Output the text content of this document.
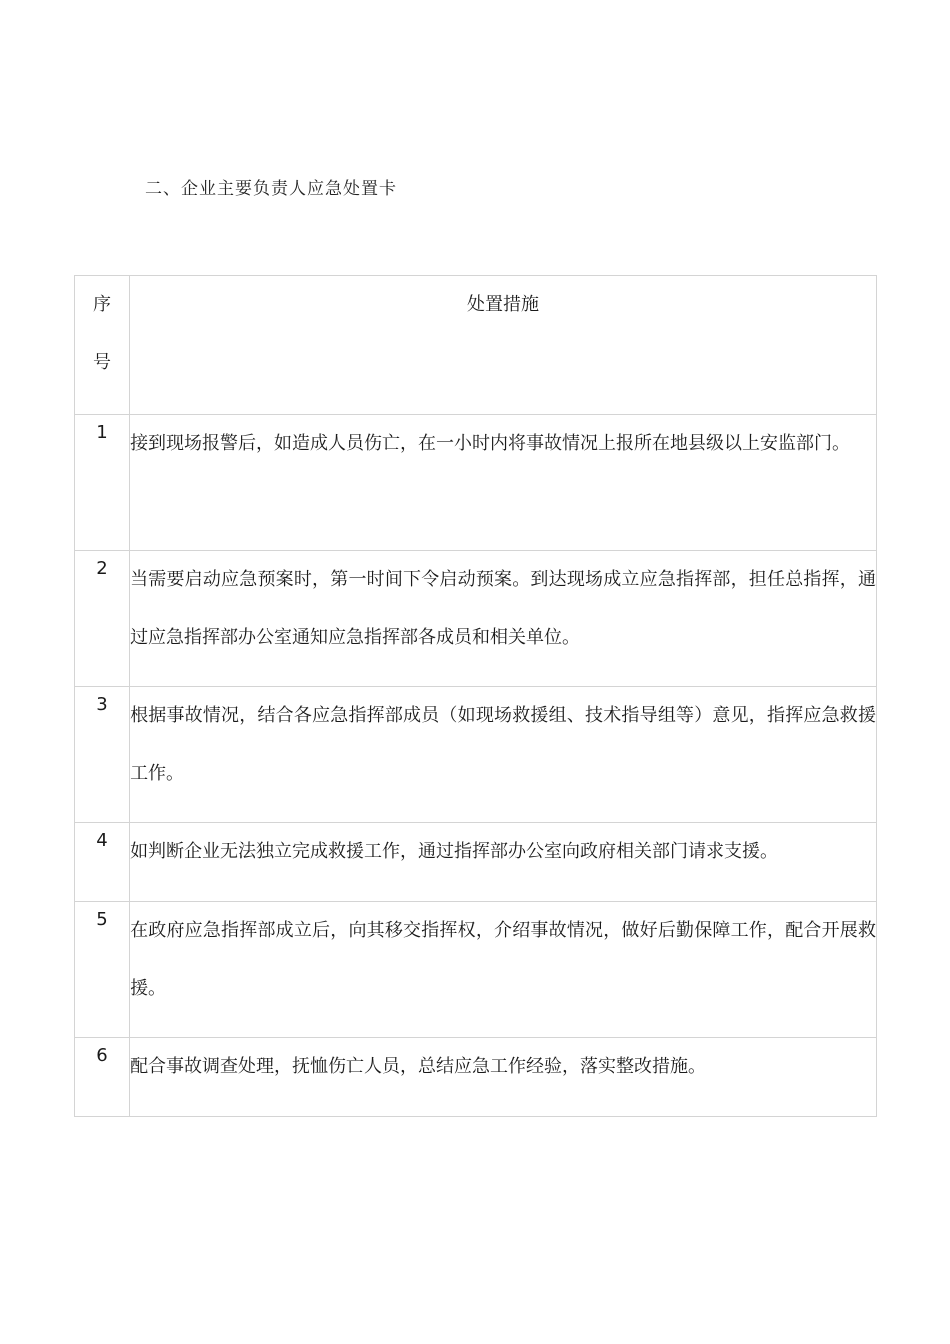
二、企业主要负责人应急处置卡
序
号	处置措施
1	接到现场报警后，如造成人员伤亡，在一小时内将事故情况上报所在地县级以上安监部门。
2	当需要启动应急预案时，第一时间下令启动预案。到达现场成立应急指挥部，担任总指挥，通过应急指挥部办公室通知应急指挥部各成员和相关单位。
3	根据事故情况，结合各应急指挥部成员（如现场救援组、技术指导组等）意见，指挥应急救援工作。
4	如判断企业无法独立完成救援工作，通过指挥部办公室向政府相关部门请求支援。
5	在政府应急指挥部成立后，向其移交指挥权，介绍事故情况，做好后勤保障工作，配合开展救援。
6	配合事故调查处理，抚恤伤亡人员，总结应急工作经验，落实整改措施。
